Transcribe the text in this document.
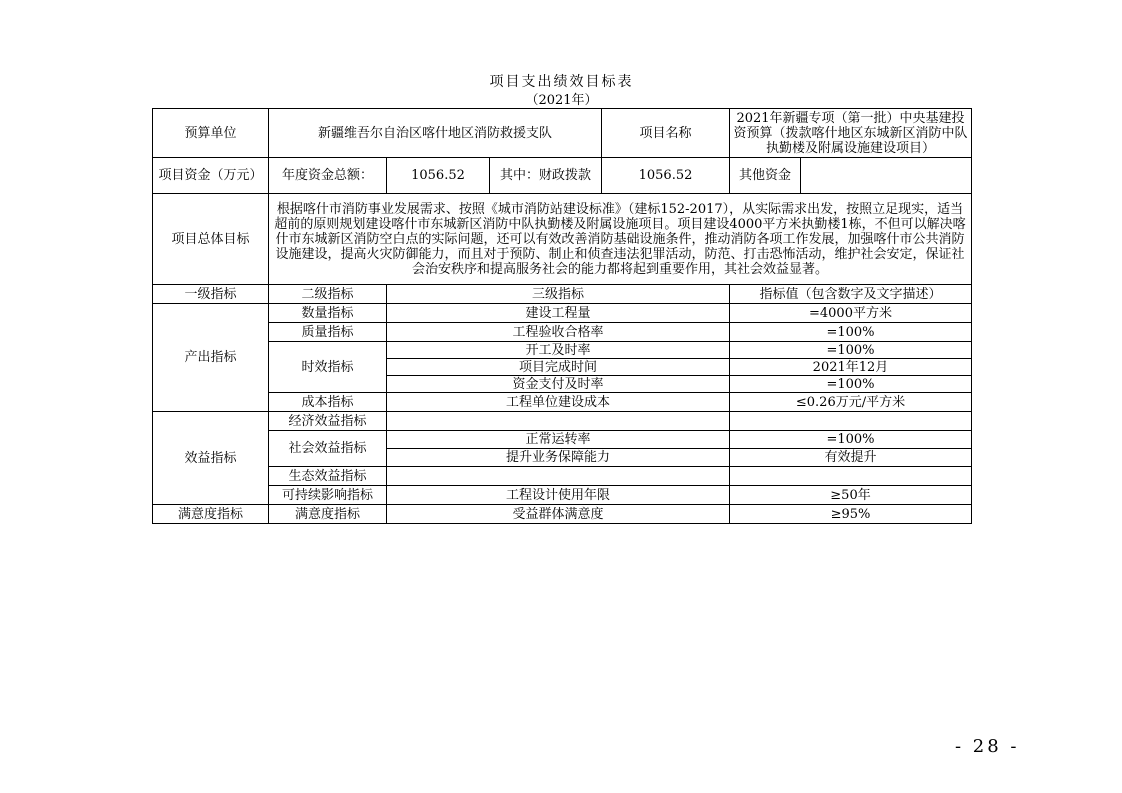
项目支出绩效目标表
（2021年）
预算单位	新疆维吾尔自治区喀什地区消防救援支队			项目名称	2021年新疆专项（第一批）中央基建投资预算（拨款喀什地区东城新区消防中队执勤楼及附属设施建设项目）	
项目资金（万元）	年度资金总额：	1056.52	其中：财政拨款	1056.52	其他资金	
项目总体目标	根据喀什市消防事业发展需求、按照《城市消防站建设标准》（建标152-2017），从实际需求出发，按照立足现实，适当超前的原则规划建设喀什市东城新区消防中队执勤楼及附属设施项目。项目建设4000平方米执勤楼1栋，不但可以解决喀什市东城新区消防空白点的实际问题，还可以有效改善消防基础设施条件，推动消防各项工作发展，加强喀什市公共消防设施建设，提高火灾防御能力，而且对于预防、制止和侦查违法犯罪活动，防范、打击恐怖活动，维护社会安定，保证社会治安秩序和提高服务社会的能力都将起到重要作用，其社会效益显著。					
一级指标	二级指标	三级指标			指标值（包含数字及文字描述）	
产出指标	数量指标	建设工程量			=4000平方米	
	质量指标	工程验收合格率			=100%	
	时效指标	开工及时率			=100%	
		项目完成时间			2021年12月	
		资金支付及时率			=100%	
	成本指标	工程单位建设成本			≤0.26万元/平方米	
效益指标	经济效益指标					
	社会效益指标	正常运转率			=100%	
		提升业务保障能力			有效提升	
	生态效益指标					
	可持续影响指标	工程设计使用年限			≥50年	
满意度指标	满意度指标	受益群体满意度			≥95%	
- 28 -
